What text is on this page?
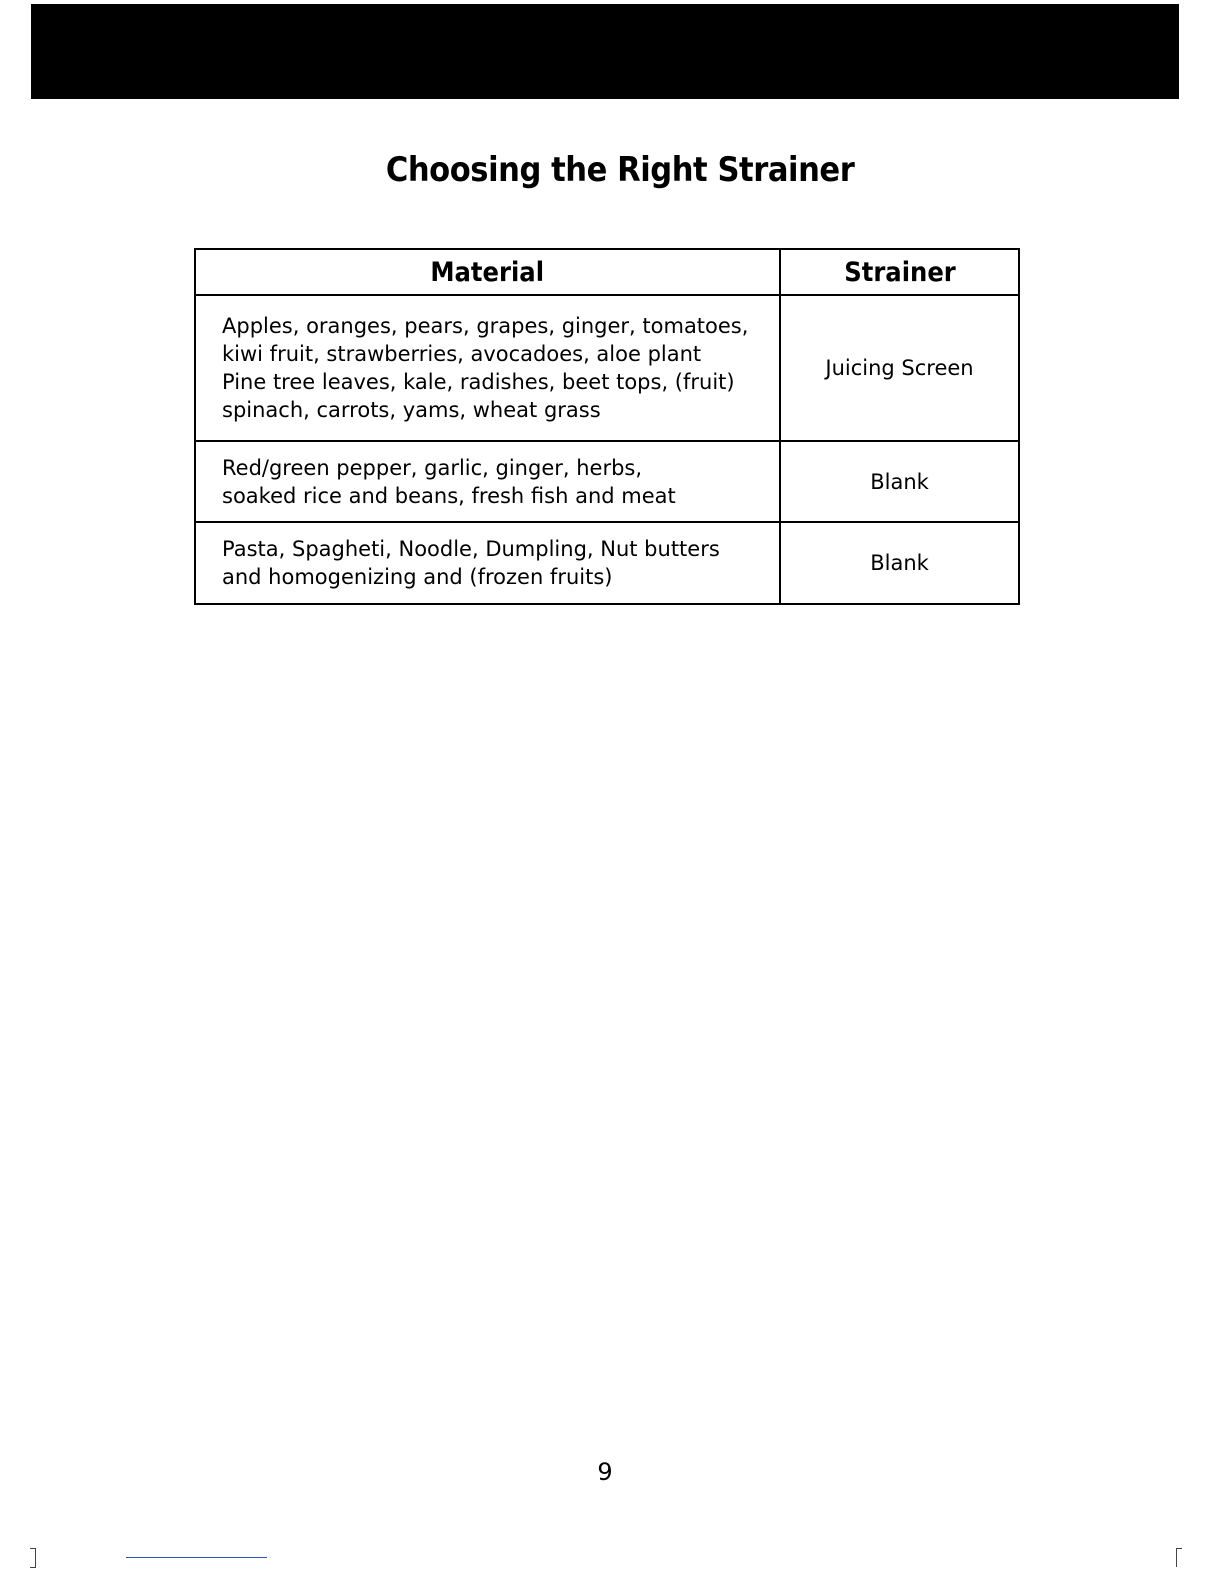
Choosing the Right Strainer
Material	Strainer
Apples, oranges, pears, grapes, ginger, tomatoes,
kiwi fruit, strawberries, avocadoes, aloe plant
Pine tree leaves, kale, radishes, beet tops, (fruit)
spinach, carrots, yams, wheat grass	Juicing Screen
Red/green pepper, garlic, ginger, herbs,
soaked rice and beans, fresh fish and meat	Blank
Pasta, Spagheti, Noodle, Dumpling, Nut butters
and homogenizing and (frozen fruits)	Blank
9
